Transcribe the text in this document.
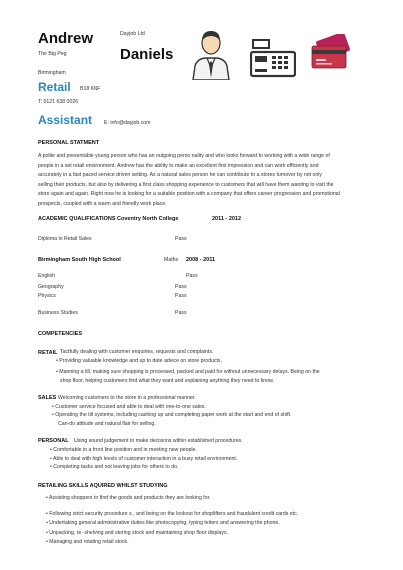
Andrew	Dayjob Ltd
The Big Peg	Daniels
Birmingham
Retail B18 6NF
T: 0121 638 0026
Assistant E: info@dayjob.com
PERSONAL STATMENT
A polite and presentable young person who has an outgoing perso nality and who looks forward to working with a wide range of
people in a set retail environment. Andrew has the ability to make an excellent first impression and can work efficiently and
accurately in a fast paced service driven setting. As a natural sales person he can contribute to a stores turnover by not only
selling their products, but also by delivering a first class shopping experience to customers that will have them wanting to visit the
store again and again. Right now he is looking for a suitable position with a company that offers career progression and promotional
prospects, coupled with a warm and friendly work place.
ACADEMIC QUALIFICATIONS Coventry North College	2011 - 2012
Diploma in Retail Sales	Pass
Birmingham South High School	Maths 2008 - 2011
English	Pass
Geography	Pass
Physics	Pass
Business Studies	Pass
COMPETENCIES
RETAIL Tactfully dealing with customer enquiries, requests and complaints.
• Providing valuable knowledge and up to date advice on store products.
• Manning a till, making sure shopping is processed, packed and paid for without unnecessary delays. Being on the
shop floor, helping customers find what they want and explaining anything they need to know.
SALES Welcoming customers to the store in a professional manner.
• Customer service focused and able to deal with one-to-one sales.
• Operating the till systems, including cashing up and completing paper work at the start and end of shift.
Can-do attitude and natural flair for selling.
PERSONAL Using sound judgement to make decisions within established procedures.
• Comfortable in a front line position and in meeting new people.
• Able to deal with high levels of customer interaction in a busy retail environment.
• Completing tasks and not leaving jobs for others to do.
RETAILING SKILLS AQUIRED WHILST STUDYING
• Assisting shoppers to find the goods and products they are looking for.
• Following strict security procedure s , and being on the lookout for shoplifters and fraudulent credit cards etc.
• Undertaking general administrative duties like photocopying, typing letters and answering the phone.
• Unpacking, re -shelving and storing stock and maintaining shop floor displays.
• Managing and rotating retail stock.
